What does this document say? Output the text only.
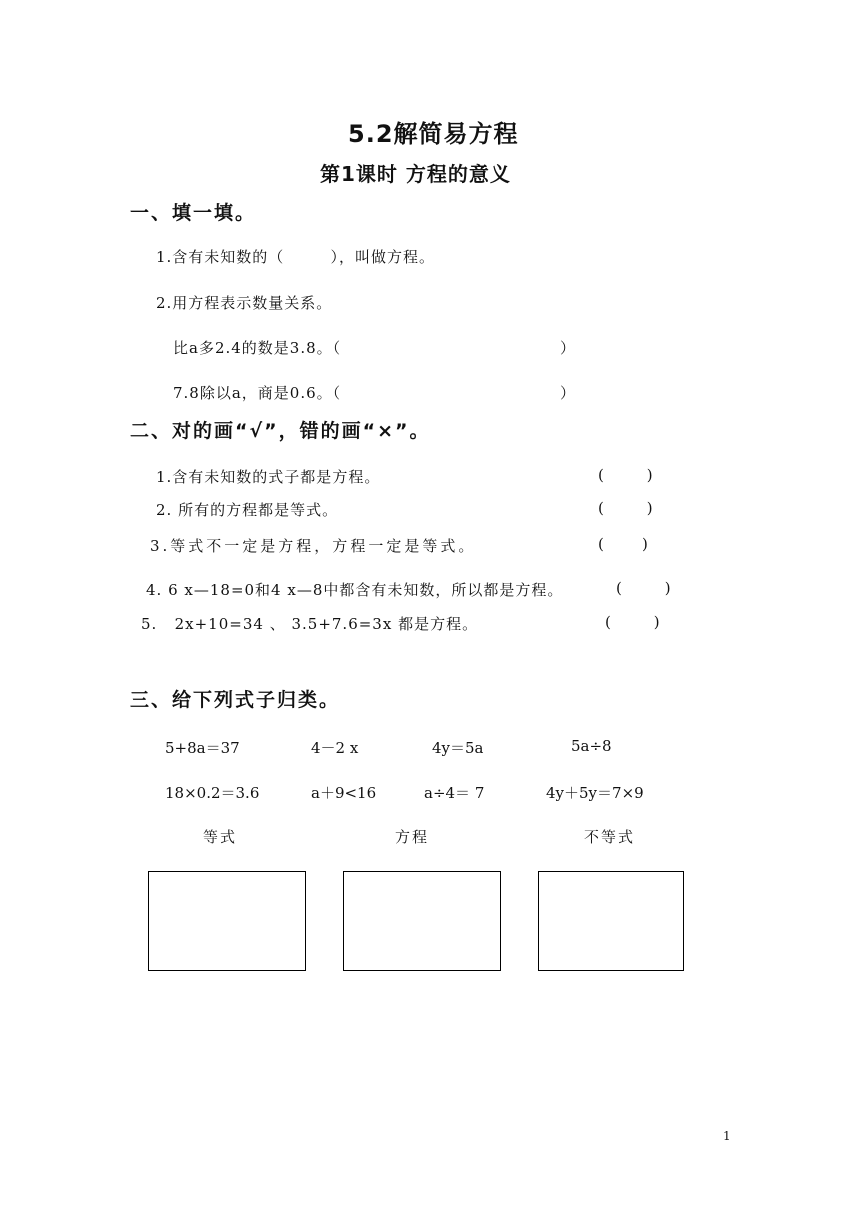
5.2解简易方程
第1课时 方程的意义
一、填一填。
1.含有未知数的（        ），叫做方程。
2.用方程表示数量关系。
比a多2.4的数是3.8。（	）
7.8除以a，商是0.6。（	）
二、对的画“√”，错的画“×”。
1.含有未知数的式子都是方程。	(         )
2. 所有的方程都是等式。	(         )
3.等式不一定是方程，方程一定是等式。	(        )
4. 6 x—18=0和4 x—8中都含有未知数，所以都是方程。	(         )
5.   2x+10=34 、 3.5+7.6=3x 都是方程。	(         )
三、给下列式子归类。
5+8a＝37	4－2 x	4y＝5a	5a÷8
18×0.2＝3.6	a＋9<16	a÷4＝ 7	4y＋5y＝7×9
等式	方程	不等式
1
